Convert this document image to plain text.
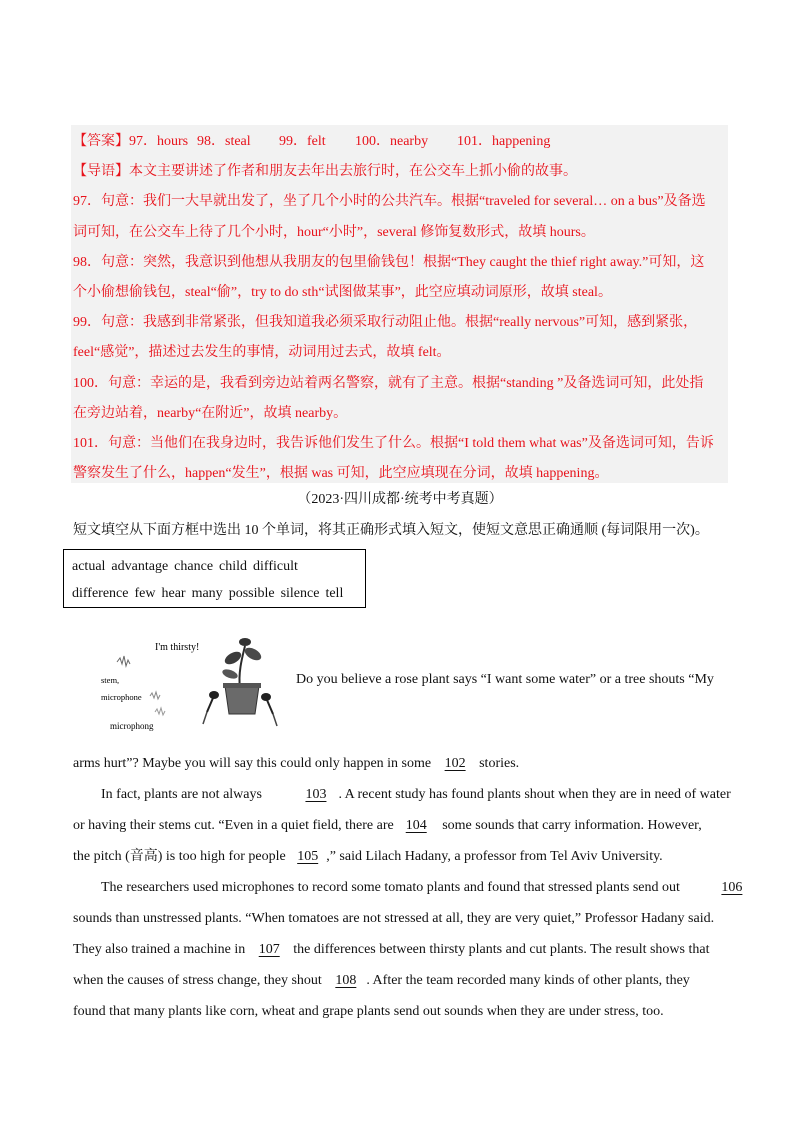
【答案】97．hours 98．steal 99．felt 100．nearby 101．happening
【导语】本文主要讲述了作者和朋友去年出去旅行时，在公交车上抓小偷的故事。
97．句意：我们一大早就出发了，坐了几个小时的公共汽车。根据“traveled for several… on a bus”及备选
词可知，在公交车上待了几个小时，hour“小时”，several 修饰复数形式，故填 hours。
98．句意：突然，我意识到他想从我朋友的包里偷钱包！根据“They caught the thief right away.”可知，这
个小偷想偷钱包，steal“偷”，try to do sth“试图做某事”，此空应填动词原形，故填 steal。
99．句意：我感到非常紧张，但我知道我必须采取行动阻止他。根据“really nervous”可知，感到紧张，
feel“感觉”，描述过去发生的事情，动词用过去式，故填 felt。
100．句意：幸运的是，我看到旁边站着两名警察，就有了主意。根据“standing ”及备选词可知，此处指
在旁边站着，nearby“在附近”，故填 nearby。
101．句意：当他们在我身边时，我告诉他们发生了什么。根据“I told them what was”及备选词可知，告诉
警察发生了什么，happen“发生”，根据 was 可知，此空应填现在分词，故填 happening。
（2023·四川成都·统考中考真题）
短文填空从下面方框中选出 10 个单词，将其正确形式填入短文，使短文意思正确通顺 (每词限用一次)。
actual advantage chance child difficult
difference few hear many possible silence tell
I'm thirsty!
stem,
microphone
microphong
Do you believe a rose plant says “I want some water” or a tree shouts “My
arms hurt”? Maybe you will say this could only happen in some 102 stories.
In fact, plants are not always	103 . A recent study has found plants shout when they are in need of water
or having their stems cut. “Even in a quiet field, there are 104 some sounds that carry information. However,
the pitch (音高) is too high for people 105 ,” said Lilach Hadany, a professor from Tel Aviv University.
The researchers used microphones to record some tomato plants and found that stressed plants send out	106
sounds than unstressed plants. “When tomatoes are not stressed at all, they are very quiet,” Professor Hadany said.
They also trained a machine in 107 the differences between thirsty plants and cut plants. The result shows that
when the causes of stress change, they shout 108 . After the team recorded many kinds of other plants, they
found that many plants like corn, wheat and grape plants send out sounds when they are under stress, too.
